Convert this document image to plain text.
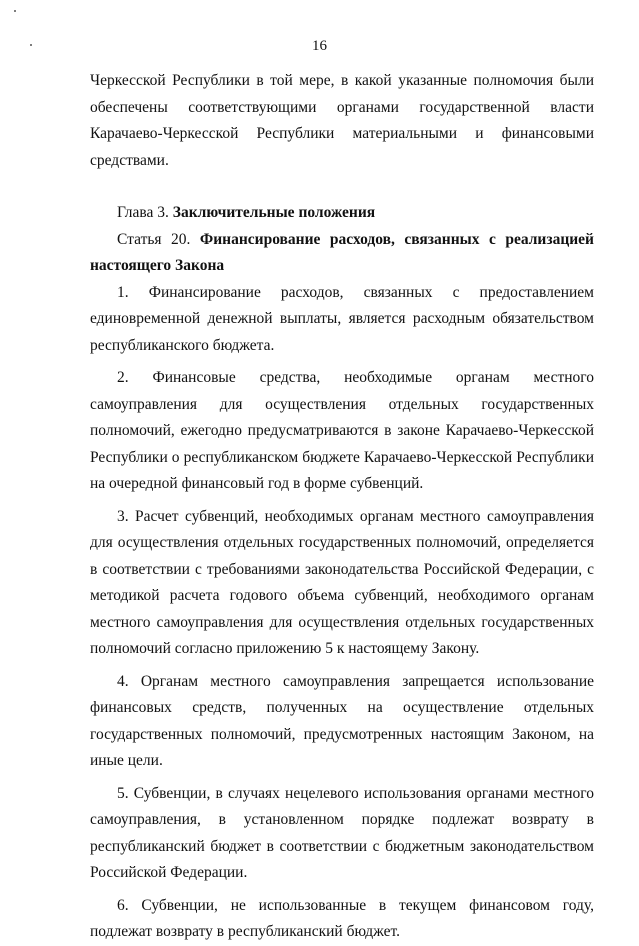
16

Черкесской Республики в той мере, в какой указанные полномочия были обеспечены соответствующими органами государственной власти Карачаево-Черкесской Республики материальными и финансовыми средствами.

Глава 3. Заключительные положения

Статья 20. Финансирование расходов, связанных с реализацией настоящего Закона

1. Финансирование расходов, связанных с предоставлением единовременной денежной выплаты, является расходным обязательством республиканского бюджета.

2. Финансовые средства, необходимые органам местного самоуправления для осуществления отдельных государственных полномочий, ежегодно предусматриваются в законе Карачаево-Черкесской Республики о республиканском бюджете Карачаево-Черкесской Республики на очередной финансовый год в форме субвенций.

3. Расчет субвенций, необходимых органам местного самоуправления для осуществления отдельных государственных полномочий, определяется в соответствии с требованиями законодательства Российской Федерации, с методикой расчета годового объема субвенций, необходимого органам местного самоуправления для осуществления отдельных государственных полномочий согласно приложению 5 к настоящему Закону.

4. Органам местного самоуправления запрещается использование финансовых средств, полученных на осуществление отдельных государственных полномочий, предусмотренных настоящим Законом, на иные цели.

5. Субвенции, в случаях нецелевого использования органами местного самоуправления, в установленном порядке подлежат возврату в республиканский бюджет в соответствии с бюджетным законодательством Российской Федерации.

6. Субвенции, не использованные в текущем финансовом году, подлежат возврату в республиканский бюджет.
